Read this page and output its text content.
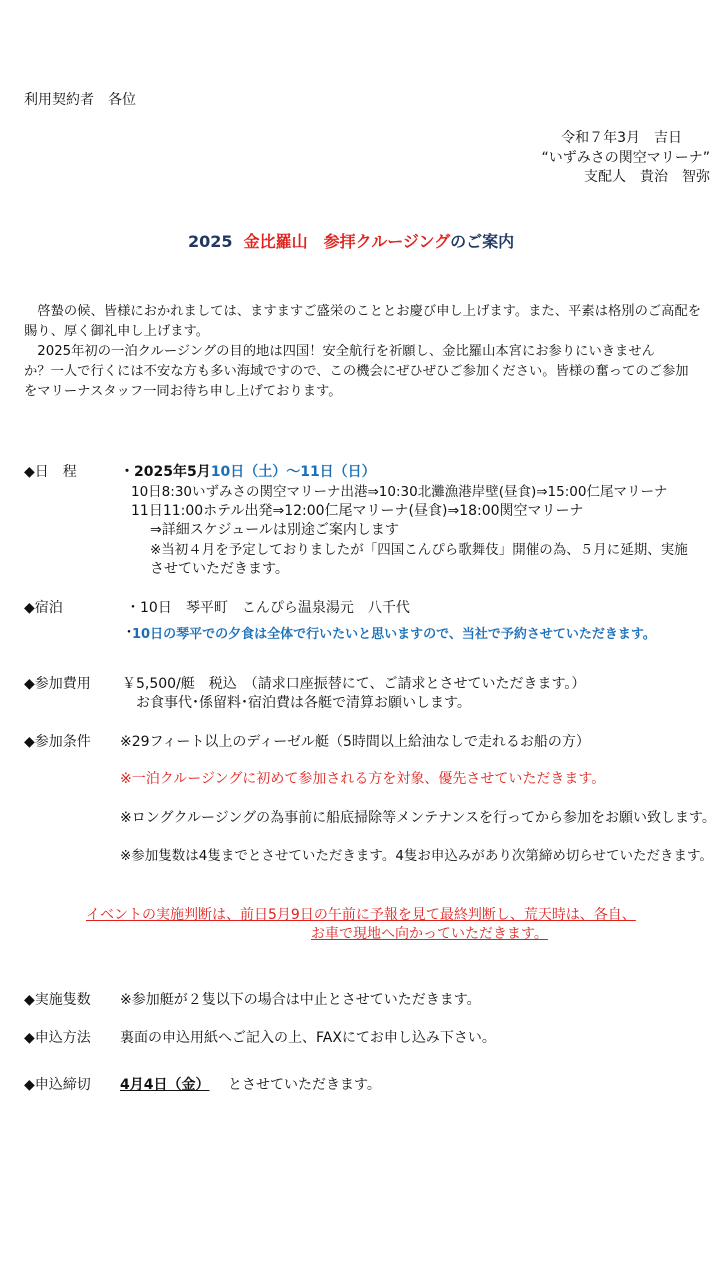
利用契約者　各位
令和７年3月　吉日
“いずみさの関空マリーナ”
支配人　貴治　智弥
2025 金比羅山　参拝クルージングのご案内
　啓蟄の候、皆様におかれましては、ますますご盛栄のこととお慶び申し上げます。また、平素は格別のご高配を
賜り、厚く御礼申し上げます。
　2025年初の一泊クルージングの目的地は四国！安全航行を祈願し、金比羅山本宮にお参りにいきません
か？一人で行くには不安な方も多い海域ですので、この機会にぜひぜひご参加ください。皆様の奮ってのご参加
をマリーナスタッフ一同お待ち申し上げております。
◆日　程	・2025年5月10日（土）～11日（日）
10日8:30いずみさの関空マリーナ出港⇒10:30北灘漁港岸壁(昼食)⇒15:00仁尾マリーナ
11日11:00ホテル出発⇒12:00仁尾マリーナ(昼食)⇒18:00関空マリーナ
⇒詳細スケジュールは別途ご案内します
※当初４月を予定しておりましたが「四国こんぴら歌舞伎」開催の為、５月に延期、実施
させていただきます。
◆宿泊	・10日　琴平町　こんぴら温泉湯元　八千代
・
10日の琴平での夕食は全体で行いたいと思いますので、当社で予約させていただきます。
◆参加費用 ￥5,500/艇　税込　（請求口座振替にて、ご請求とさせていただきます。）
お食事代･係留料･宿泊費は各艇で清算お願いします。
◆参加条件 ※29フィート以上のディーゼル艇（5時間以上給油なしで走れるお船の方）
※一泊クルージングに初めて参加される方を対象、優先させていただきます。
※ロングクルージングの為事前に船底掃除等メンテナンスを行ってから参加をお願い致します。
※参加隻数は4隻までとさせていただきます。4隻お申込みがあり次第締め切らせていただきます。
イベントの実施判断は、前日5月9日の午前に予報を見て最終判断し、荒天時は、各自、
お車で現地へ向かっていただきます。
◆実施隻数 ※参加艇が２隻以下の場合は中止とさせていただきます。
◆申込方法 裏面の申込用紙へご記入の上、FAXにてお申し込み下さい。
◆申込締切 4月4日（金） とさせていただきます。
